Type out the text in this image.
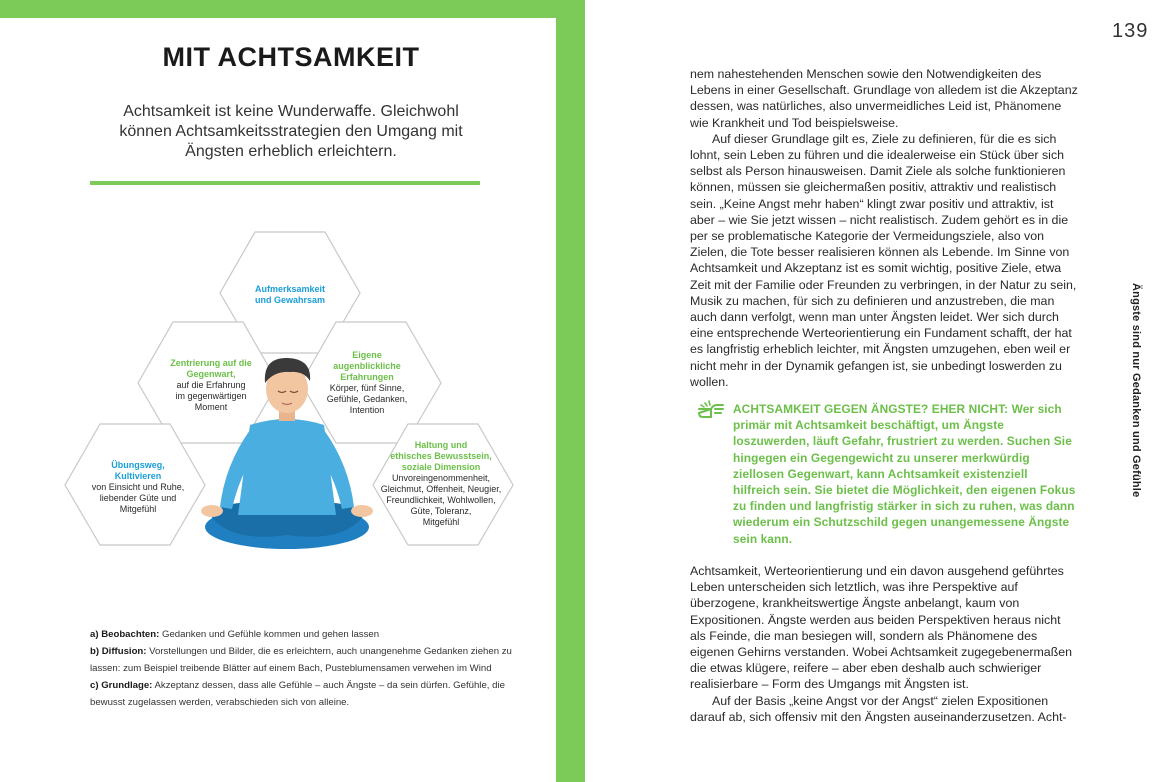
MIT ACHTSAMKEIT
Achtsamkeit ist keine Wunderwaffe. Gleichwohl können Achtsamkeitsstrategien den Umgang mit Ängsten erheblich erleichtern.
Aufmerksamkeit
und Gewahrsam
Zentrierung auf die
Gegenwart,
auf die Erfahrung
im gegenwärtigen
Moment
Eigene
augenblickliche
Erfahrungen
Körper, fünf Sinne,
Gefühle, Gedanken,
Intention
Übungsweg,
Kultivieren
von Einsicht und Ruhe,
liebender Güte und
Mitgefühl
Haltung und
ethisches Bewusstsein,
soziale Dimension
Unvoreingenommenheit,
Gleichmut, Offenheit, Neugier,
Freundlichkeit, Wohlwollen,
Güte, Toleranz,
Mitgefühl
a) Beobachten: Gedanken und Gefühle kommen und gehen lassen
b) Diffusion: Vorstellungen und Bilder, die es erleichtern, auch unangenehme Gedanken ziehen zu lassen: zum Beispiel treibende Blätter auf einem Bach, Pusteblumensamen verwehen im Wind
c) Grundlage: Akzeptanz dessen, dass alle Gefühle – auch Ängste – da sein dürfen. Gefühle, die bewusst zugelassen werden, verabschieden sich von alleine.
139
Ängste sind nur Gedanken und Gefühle

nem nahestehenden Menschen sowie den Notwendigkeiten des Lebens in einer Gesellschaft. Grundlage von alledem ist die Akzeptanz dessen, was natürliches, also unvermeidliches Leid ist, Phänomene wie Krankheit und Tod beispielsweise.

Auf dieser Grundlage gilt es, Ziele zu definieren, für die es sich lohnt, sein Leben zu führen und die idealerweise ein Stück über sich selbst als Person hinausweisen. Damit Ziele als solche funktionieren können, müssen sie gleichermaßen positiv, attraktiv und realistisch sein. „Keine Angst mehr haben“ klingt zwar positiv und attraktiv, ist aber – wie Sie jetzt wissen – nicht realistisch. Zudem gehört es in die per se problematische Kategorie der Vermeidungsziele, also von Zielen, die Tote besser realisieren können als Lebende. Im Sinne von Achtsamkeit und Akzeptanz ist es somit wichtig, positive Ziele, etwa Zeit mit der Familie oder Freunden zu verbringen, in der Natur zu sein, Musik zu machen, für sich zu definieren und anzustreben, die man auch dann verfolgt, wenn man unter Ängsten leidet. Wer sich durch eine entsprechende Werteorientierung ein Fundament schafft, der hat es langfristig erheblich leichter, mit Ängsten umzugehen, eben weil er nicht mehr in der Dynamik gefangen ist, sie unbedingt loswerden zu wollen.

ACHTSAMKEIT GEGEN ÄNGSTE? EHER NICHT: Wer sich primär mit Achtsamkeit beschäftigt, um Ängste loszuwerden, läuft Gefahr, frustriert zu werden. Suchen Sie hingegen ein Gegengewicht zu unserer merkwürdig ziellosen Gegenwart, kann Achtsamkeit existenziell hilfreich sein. Sie bietet die Möglichkeit, den eigenen Fokus zu finden und langfristig stärker in sich zu ruhen, was dann wiederum ein Schutzschild gegen unangemessene Ängste sein kann.

Achtsamkeit, Werteorientierung und ein davon ausgehend geführtes Leben unterscheiden sich letztlich, was ihre Perspektive auf überzogene, krankheitswertige Ängste anbelangt, kaum von Expositionen. Ängste werden aus beiden Perspektiven heraus nicht als Feinde, die man besiegen will, sondern als Phänomene des eigenen Gehirns verstanden. Wobei Achtsamkeit zugegebenermaßen die etwas klügere, reifere – aber eben deshalb auch schwieriger realisierbare – Form des Umgangs mit Ängsten ist.

Auf der Basis „keine Angst vor der Angst“ zielen Expositionen darauf ab, sich offensiv mit den Ängsten auseinanderzusetzen. Acht-
